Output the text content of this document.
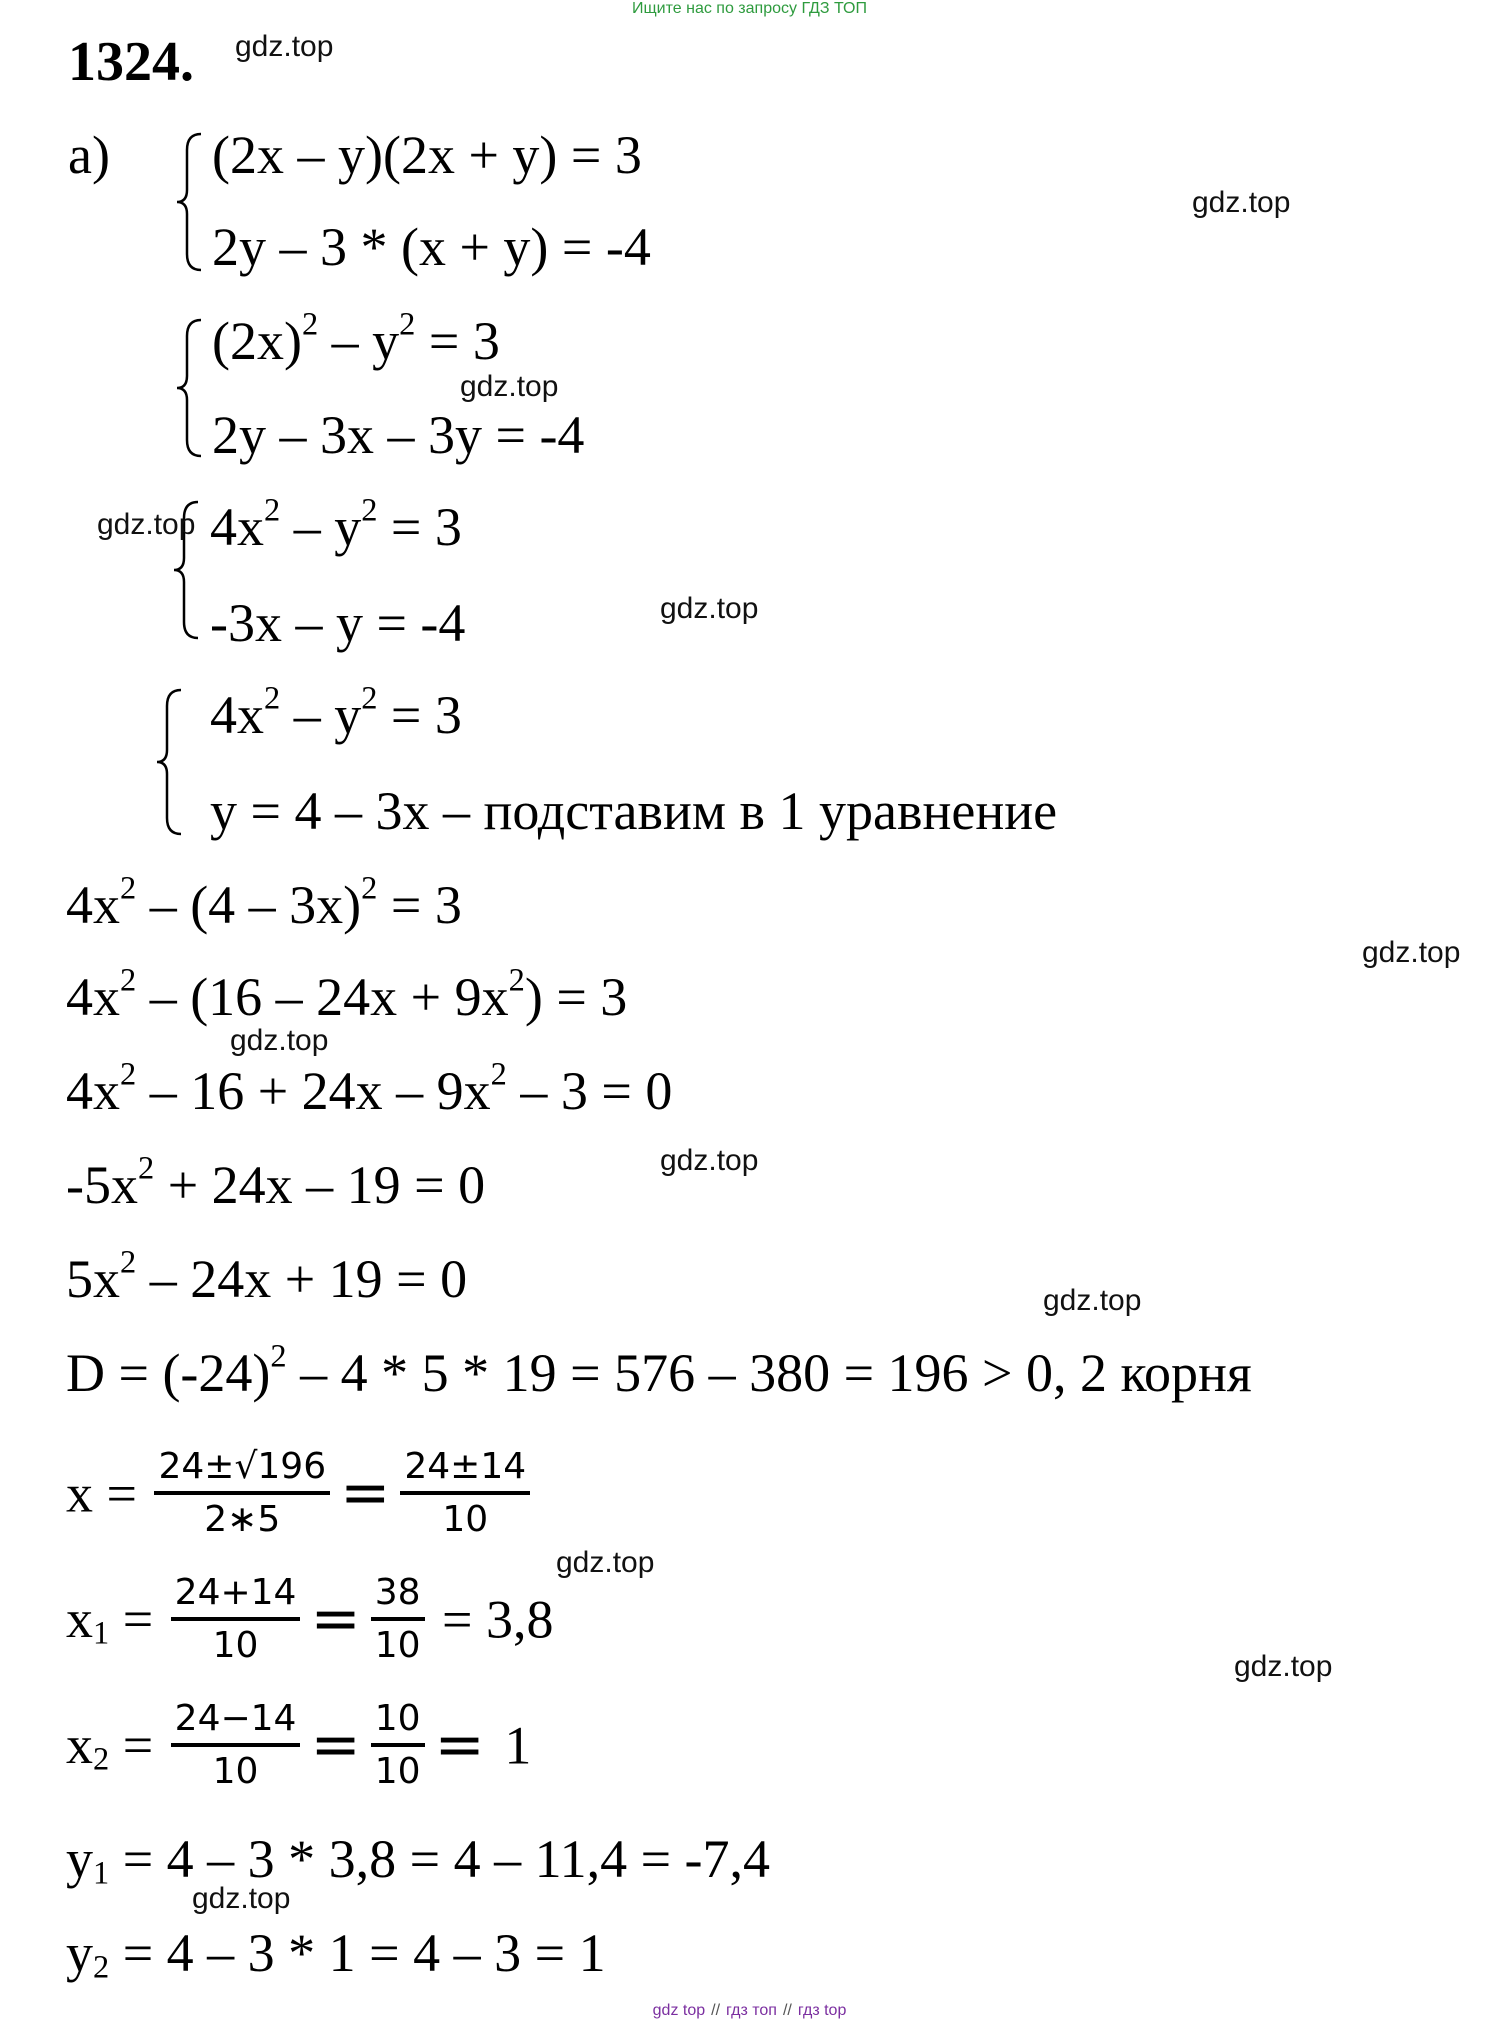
Ищите нас по запросу ГДЗ ТОП
1324.
а) (2x – y)(2x + y) = 3
2y – 3 * (x + y) = -4
$(2x)^2 - y^2 = 3$
2y – 3x – 3y = -4
$4x^2 - y^2 = 3$
-3x – y = -4
$4x^2 - y^2 = 3$
y = 4 – 3x – подставим в 1 уравнение
$4x^2 - (4 - 3x)^2 = 3$
$4x^2 - (16 - 24x + 9x^2) = 3$
$4x^2 - 16 + 24x - 9x^2 - 3 = 0$
$-5x^2 + 24x - 19 = 0$
$5x^2 - 24x + 19 = 0$
$D = (-24)^2 - 4 * 5 * 19 = 576 - 380 = 196 > 0$, 2 корня
$x = \frac{24\pm√196}{2∗5} = \frac{24\pm 14}{10}$
$x_1 = \frac{24+14}{10} = \frac{38}{10} = 3,8$
$x_2 = \frac{24-14}{10} = \frac{10}{10} = 1$
$y_1 = 4 - 3 * 3,8 = 4 - 11,4 = -7,4$
$y_2 = 4 - 3 * 1 = 4 - 3 = 1$
gdz.top
gdz.top
gdz.top
gdz.top
gdz.top
gdz.top
gdz.top
gdz.top
gdz.top
gdz.top
gdz.top
gdz.top
gdz top // гдз топ // гдз top
